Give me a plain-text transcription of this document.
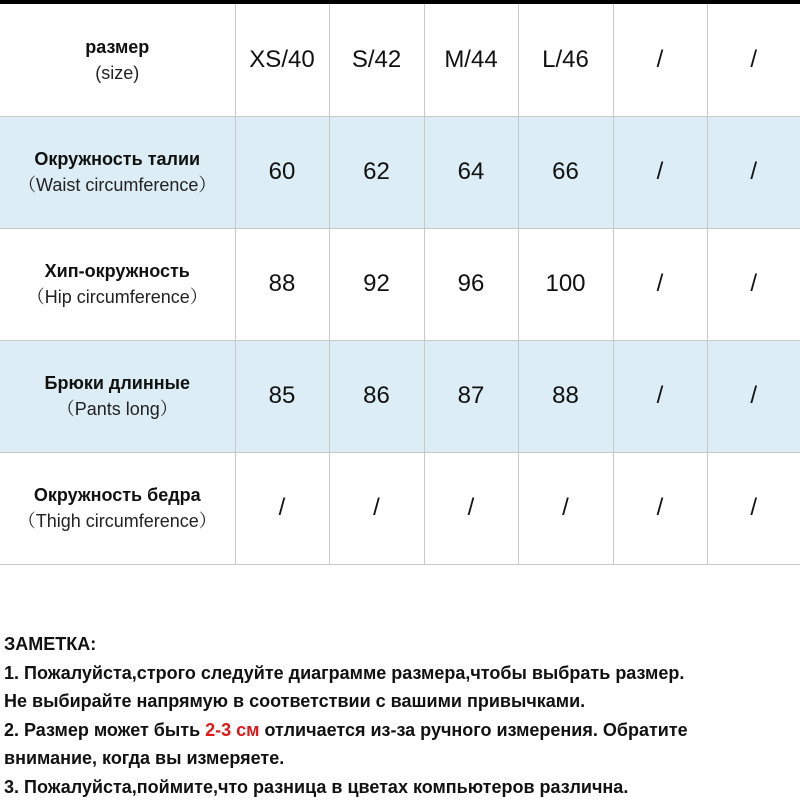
размер
(size)	XS/40	S/42	M/44	L/46	/	/

Окружность талии
（Waist circumference）	60	62	64	66	/	/

Хип-окружность
（Hip circumference）	88	92	96	100	/	/

Брюки длинные
（Pants long）	85	86	87	88	/	/

Окружность бедра
（Thigh circumference）	/	/	/	/	/	/

ЗАМЕТКА:

1. Пожалуйста,строго следуйте диаграмме размера,чтобы выбрать размер.

Не выбирайте напрямую в соответствии с вашими привычками.

2. Размер может быть 2-3 см отличается из-за ручного измерения. Обратите

внимание, когда вы измеряете.

3. Пожалуйста,поймите,что разница в цветах компьютеров различна.
